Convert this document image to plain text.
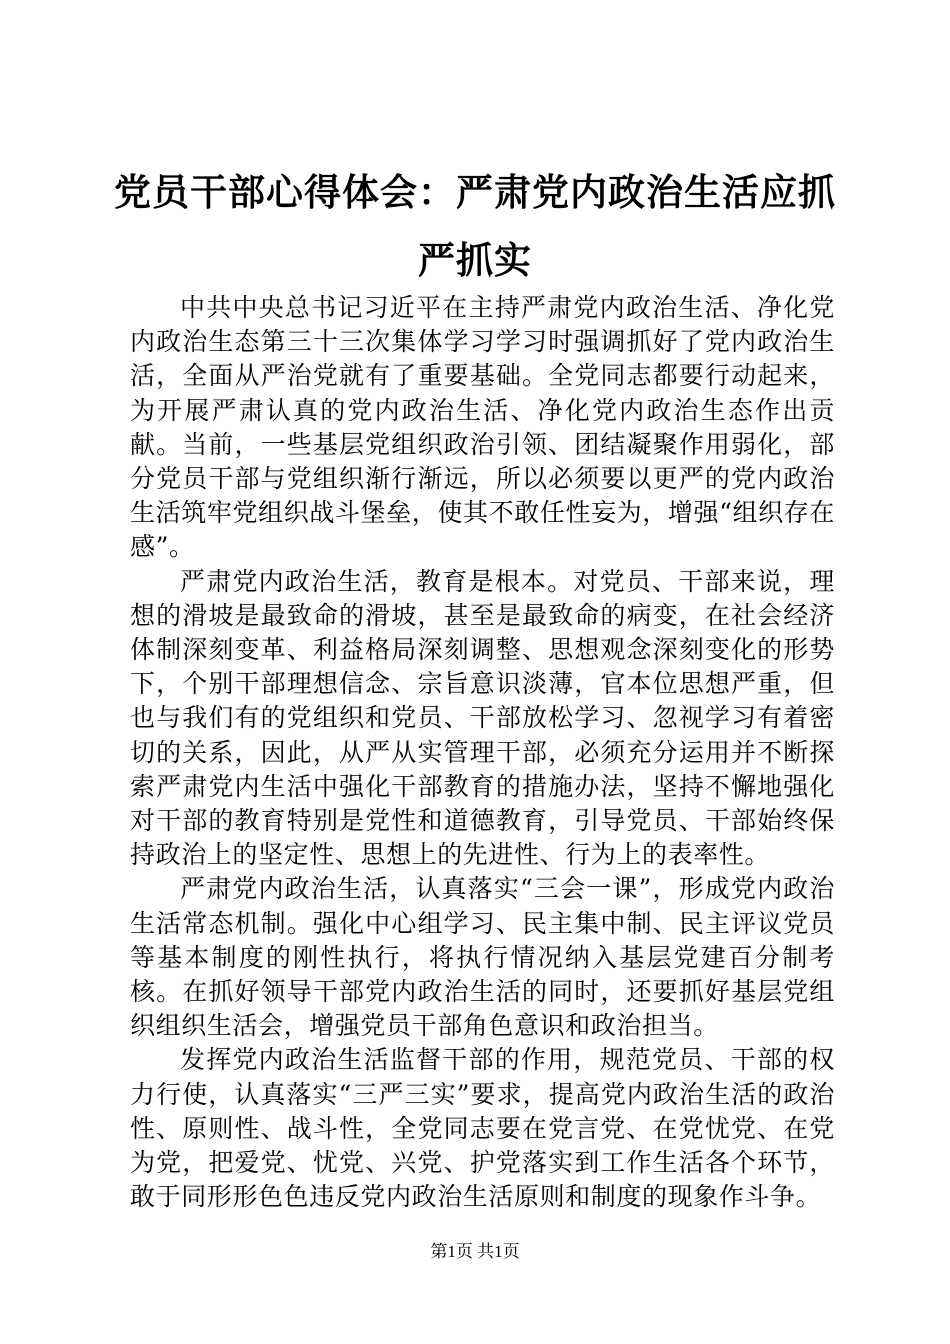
党员干部心得体会：严肃党内政治生活应抓严抓实

中共中央总书记习近平在主持严肃党内政治生活、净化党内政治生态第三十三次集体学习学习时强调抓好了党内政治生活，全面从严治党就有了重要基础。全党同志都要行动起来，为开展严肃认真的党内政治生活、净化党内政治生态作出贡献。当前，一些基层党组织政治引领、团结凝聚作用弱化，部分党员干部与党组织渐行渐远，所以必须要以更严的党内政治生活筑牢党组织战斗堡垒，使其不敢任性妄为，增强“组织存在感”。

严肃党内政治生活，教育是根本。对党员、干部来说，理想的滑坡是最致命的滑坡，甚至是最致命的病变，在社会经济体制深刻变革、利益格局深刻调整、思想观念深刻变化的形势下，个别干部理想信念、宗旨意识淡薄，官本位思想严重，但也与我们有的党组织和党员、干部放松学习、忽视学习有着密切的关系，因此，从严从实管理干部，必须充分运用并不断探索严肃党内生活中强化干部教育的措施办法，坚持不懈地强化对干部的教育特别是党性和道德教育，引导党员、干部始终保持政治上的坚定性、思想上的先进性、行为上的表率性。

严肃党内政治生活，认真落实“三会一课”，形成党内政治生活常态机制。强化中心组学习、民主集中制、民主评议党员等基本制度的刚性执行，将执行情况纳入基层党建百分制考核。在抓好领导干部党内政治生活的同时，还要抓好基层党组织组织生活会，增强党员干部角色意识和政治担当。

发挥党内政治生活监督干部的作用，规范党员、干部的权力行使，认真落实“三严三实”要求，提高党内政治生活的政治性、原则性、战斗性，全党同志要在党言党、在党忧党、在党为党，把爱党、忧党、兴党、护党落实到工作生活各个环节，敢于同形形色色违反党内政治生活原则和制度的现象作斗争。

第1页 共1页
